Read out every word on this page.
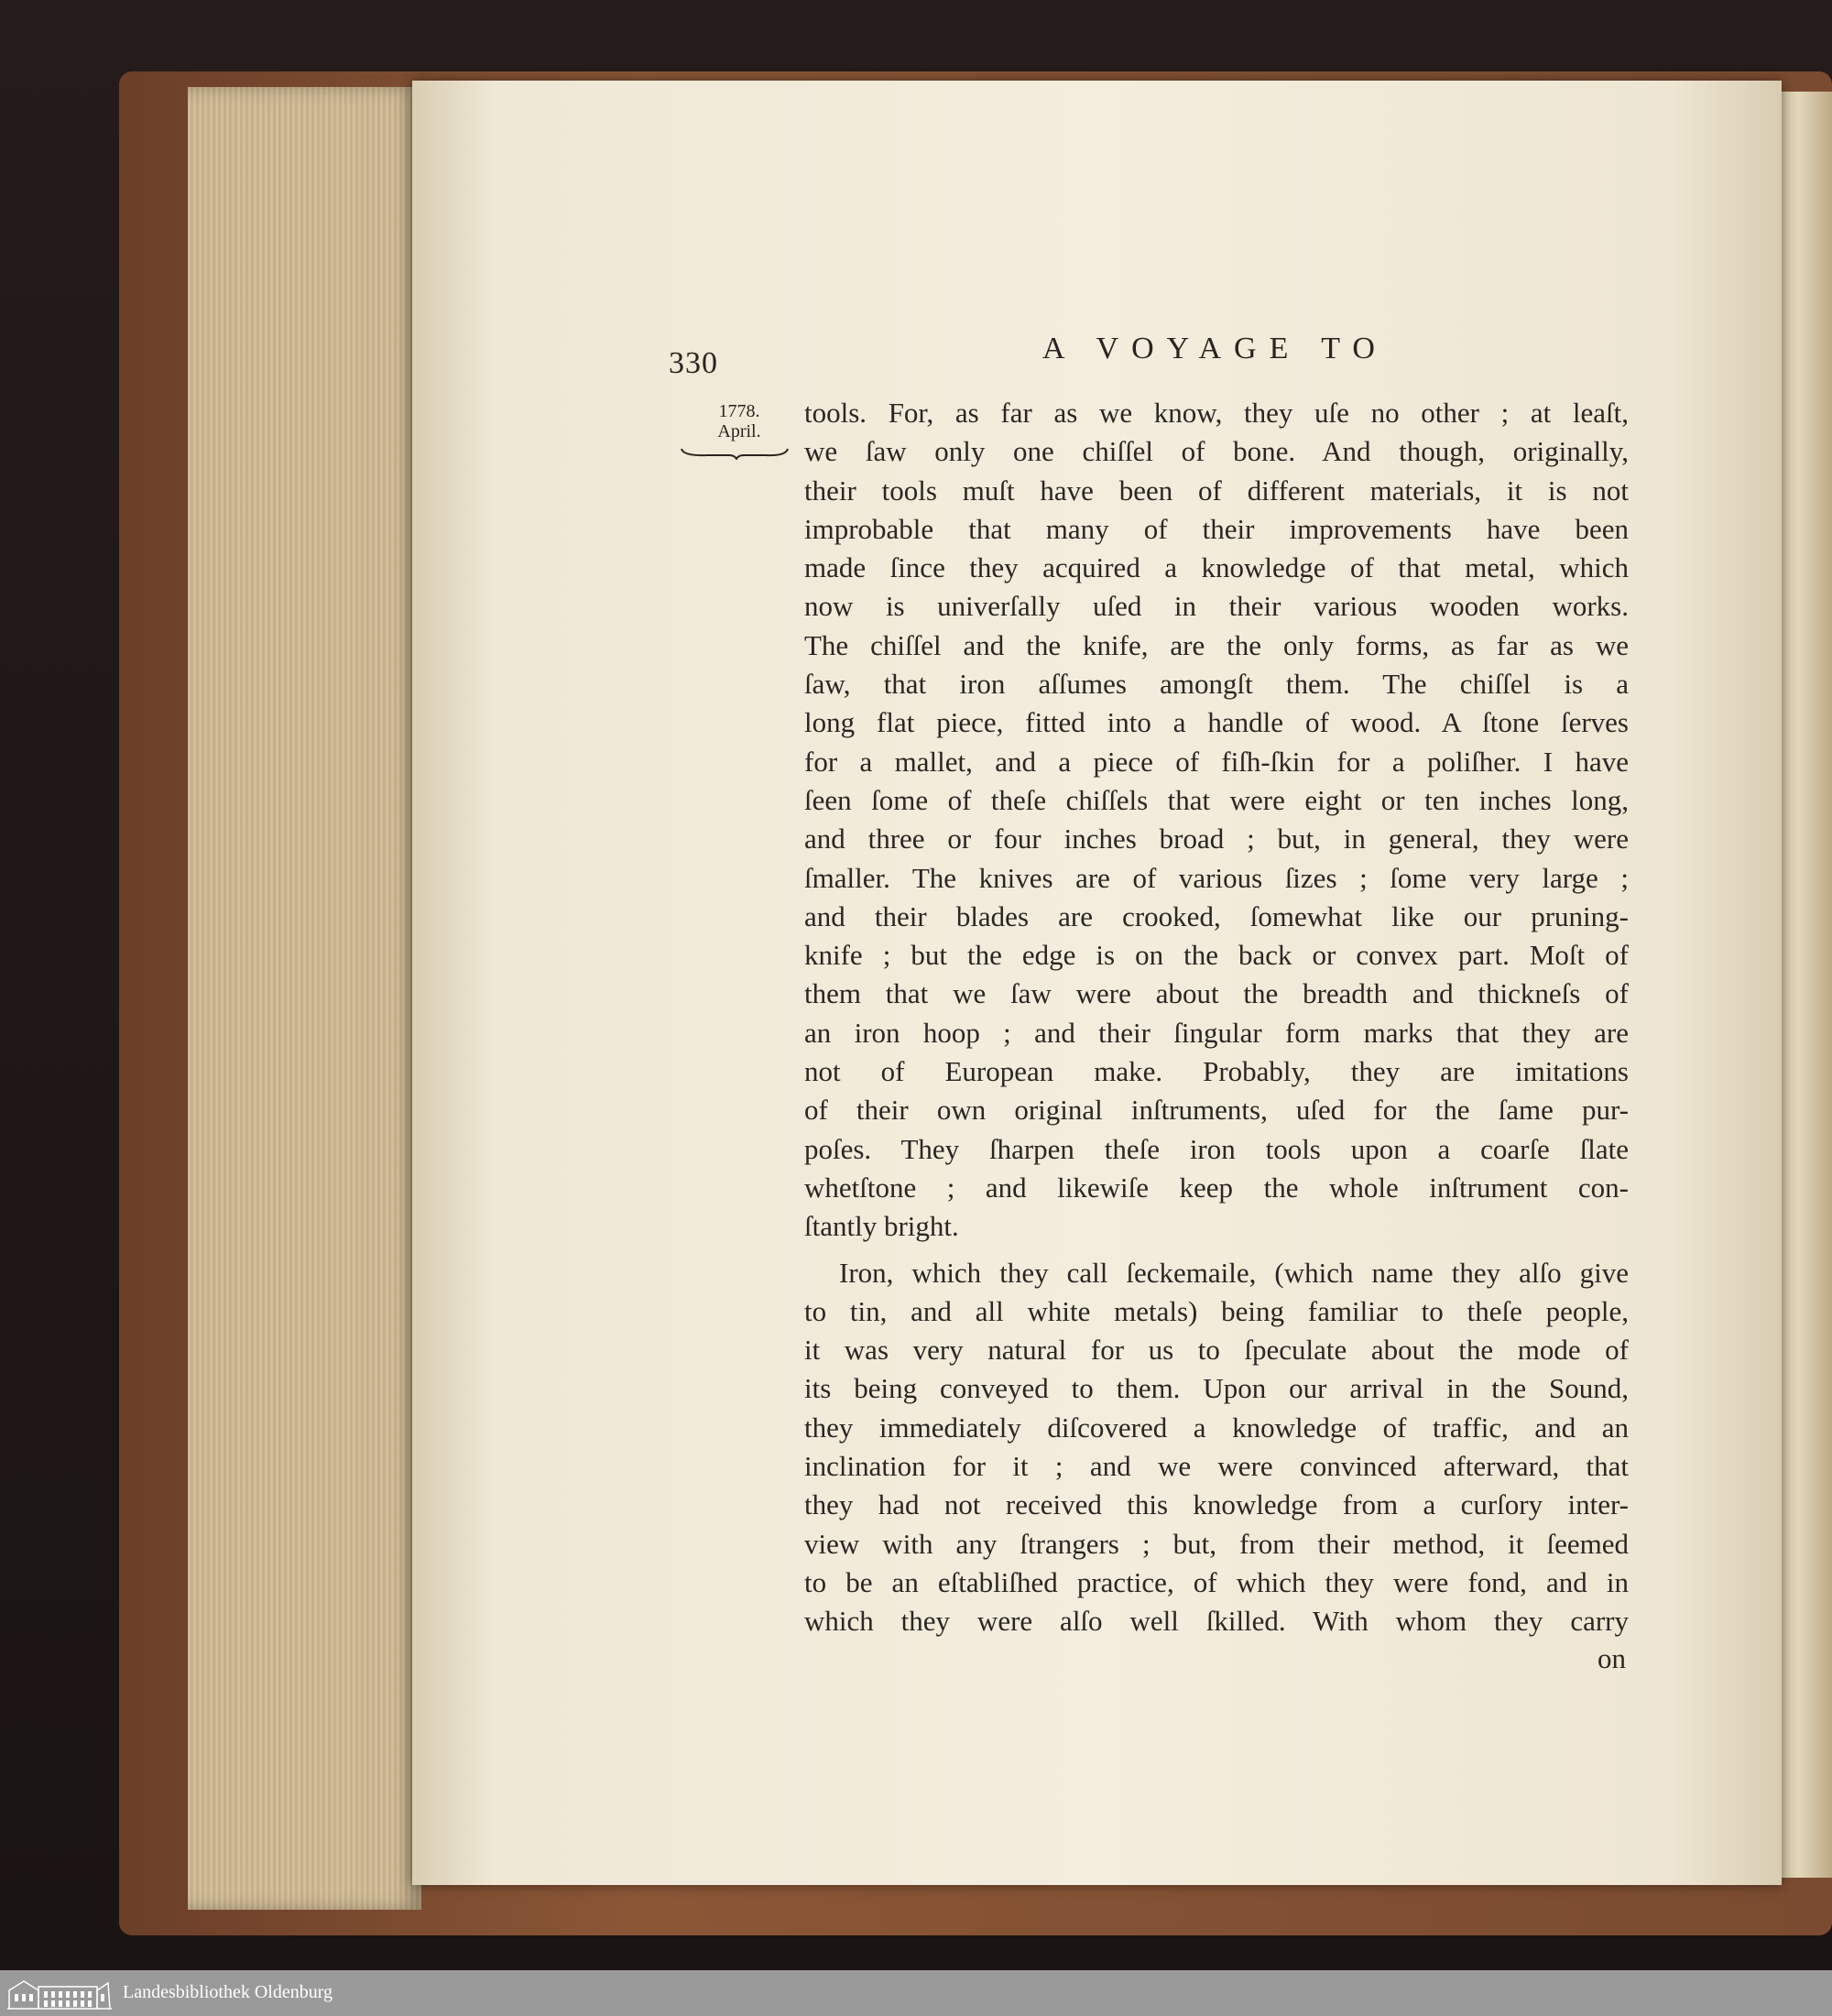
330	A VOYAGE TO
1778.
April.
tools. For, as far as we know, they uſe no other ; at leaſt,
we ſaw only one chiſſel of bone. And though, originally,
their tools muſt have been of different materials, it is not
improbable that many of their improvements have been
made ſince they acquired a knowledge of that metal, which
now is univerſally uſed in their various wooden works.
The chiſſel and the knife, are the only forms, as far as we
ſaw, that iron aſſumes amongſt them. The chiſſel is a
long flat piece, fitted into a handle of wood. A ſtone ſerves
for a mallet, and a piece of fiſh-ſkin for a poliſher. I have
ſeen ſome of theſe chiſſels that were eight or ten inches long,
and three or four inches broad ; but, in general, they were
ſmaller. The knives are of various ſizes ; ſome very large ;
and their blades are crooked, ſomewhat like our pruning-
knife ; but the edge is on the back or convex part. Moſt of
them that we ſaw were about the breadth and thickneſs of
an iron hoop ; and their ſingular form marks that they are
not of European make. Probably, they are imitations
of their own original inſtruments, uſed for the ſame pur-
poſes. They ſharpen theſe iron tools upon a coarſe ſlate
whetſtone ; and likewiſe keep the whole inſtrument con-
ſtantly bright.
Iron, which they call ſeckemaile, (which name they alſo give
to tin, and all white metals) being familiar to theſe people,
it was very natural for us to ſpeculate about the mode of
its being conveyed to them. Upon our arrival in the Sound,
they immediately diſcovered a knowledge of traffic, and an
inclination for it ; and we were convinced afterward, that
they had not received this knowledge from a curſory inter-
view with any ſtrangers ; but, from their method, it ſeemed
to be an eſtabliſhed practice, of which they were fond, and in
which they were alſo well ſkilled. With whom they carry
on
Landesbibliothek Oldenburg
